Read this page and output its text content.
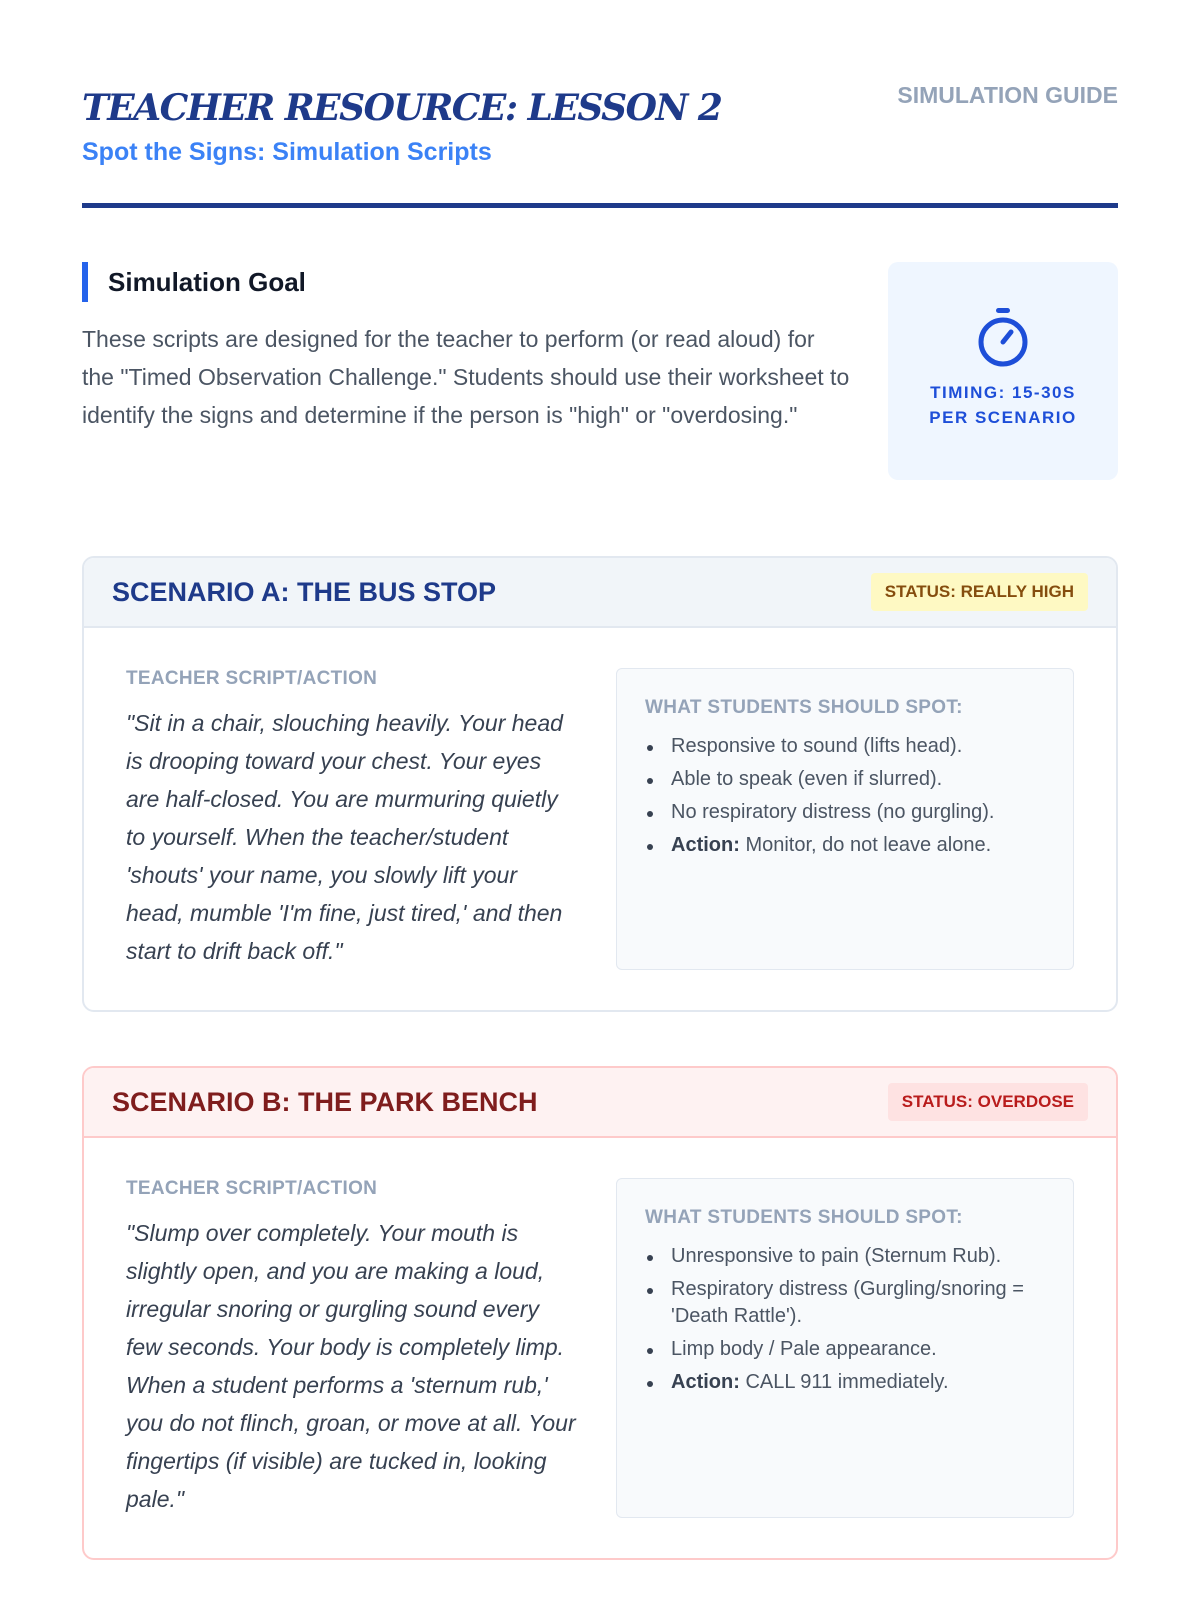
TEACHER RESOURCE: LESSON 2
Spot the Signs: Simulation Scripts
SIMULATION GUIDE
Simulation Goal

These scripts are designed for the teacher to perform (or read aloud) for the "Timed Observation Challenge." Students should use their worksheet to identify the signs and determine if the person is "high" or "overdosing."

TIMING: 15-30S PER SCENARIO
SCENARIO A: THE BUS STOP	STATUS: REALLY HIGH
TEACHER SCRIPT/ACTION

"Sit in a chair, slouching heavily. Your head is drooping toward your chest. Your eyes are half-closed. You are murmuring quietly to yourself. When the teacher/student 'shouts' your name, you slowly lift your head, mumble 'I'm fine, just tired,' and then start to drift back off."

WHAT STUDENTS SHOULD SPOT:
Responsive to sound (lifts head).
Able to speak (even if slurred).
No respiratory distress (no gurgling).
Action: Monitor, do not leave alone.
SCENARIO B: THE PARK BENCH	STATUS: OVERDOSE
TEACHER SCRIPT/ACTION

"Slump over completely. Your mouth is slightly open, and you are making a loud, irregular snoring or gurgling sound every few seconds. Your body is completely limp. When a student performs a 'sternum rub,' you do not flinch, groan, or move at all. Your fingertips (if visible) are tucked in, looking pale."

WHAT STUDENTS SHOULD SPOT:
Unresponsive to pain (Sternum Rub).
Respiratory distress (Gurgling/snoring = 'Death Rattle').
Limp body / Pale appearance.
Action: CALL 911 immediately.
